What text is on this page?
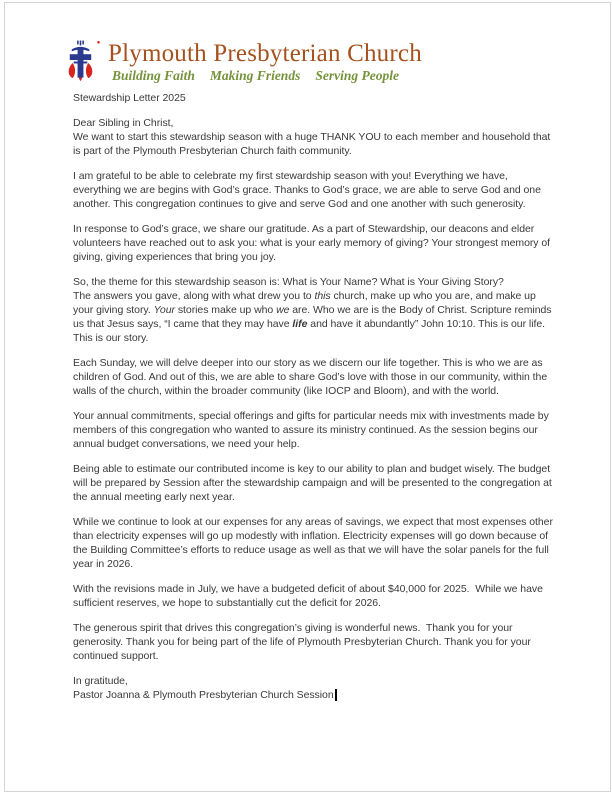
Plymouth Presbyterian Church
Building Faith Making Friends Serving People

Stewardship Letter 2025

Dear Sibling in Christ,
We want to start this stewardship season with a huge THANK YOU to each member and household that is part of the Plymouth Presbyterian Church faith community.

I am grateful to be able to celebrate my first stewardship season with you! Everything we have, everything we are begins with God’s grace. Thanks to God’s grace, we are able to serve God and one another. This congregation continues to give and serve God and one another with such generosity.

In response to God’s grace, we share our gratitude. As a part of Stewardship, our deacons and elder volunteers have reached out to ask you: what is your early memory of giving? Your strongest memory of giving, giving experiences that bring you joy.

So, the theme for this stewardship season is: What is Your Name? What is Your Giving Story?
The answers you gave, along with what drew you to this church, make up who you are, and make up your giving story. Your stories make up who we are. Who we are is the Body of Christ. Scripture reminds us that Jesus says, “I came that they may have life and have it abundantly” John 10:10. This is our life. This is our story.

Each Sunday, we will delve deeper into our story as we discern our life together. This is who we are as children of God. And out of this, we are able to share God’s love with those in our community, within the walls of the church, within the broader community (like IOCP and Bloom), and with the world.

Your annual commitments, special offerings and gifts for particular needs mix with investments made by members of this congregation who wanted to assure its ministry continued. As the session begins our annual budget conversations, we need your help.

Being able to estimate our contributed income is key to our ability to plan and budget wisely. The budget will be prepared by Session after the stewardship campaign and will be presented to the congregation at the annual meeting early next year.

While we continue to look at our expenses for any areas of savings, we expect that most expenses other than electricity expenses will go up modestly with inflation. Electricity expenses will go down because of the Building Committee’s efforts to reduce usage as well as that we will have the solar panels for the full year in 2026.

With the revisions made in July, we have a budgeted deficit of about $40,000 for 2025.  While we have sufficient reserves, we hope to substantially cut the deficit for 2026.

The generous spirit that drives this congregation’s giving is wonderful news.  Thank you for your generosity. Thank you for being part of the life of Plymouth Presbyterian Church. Thank you for your continued support.

In gratitude,
Pastor Joanna & Plymouth Presbyterian Church Session
